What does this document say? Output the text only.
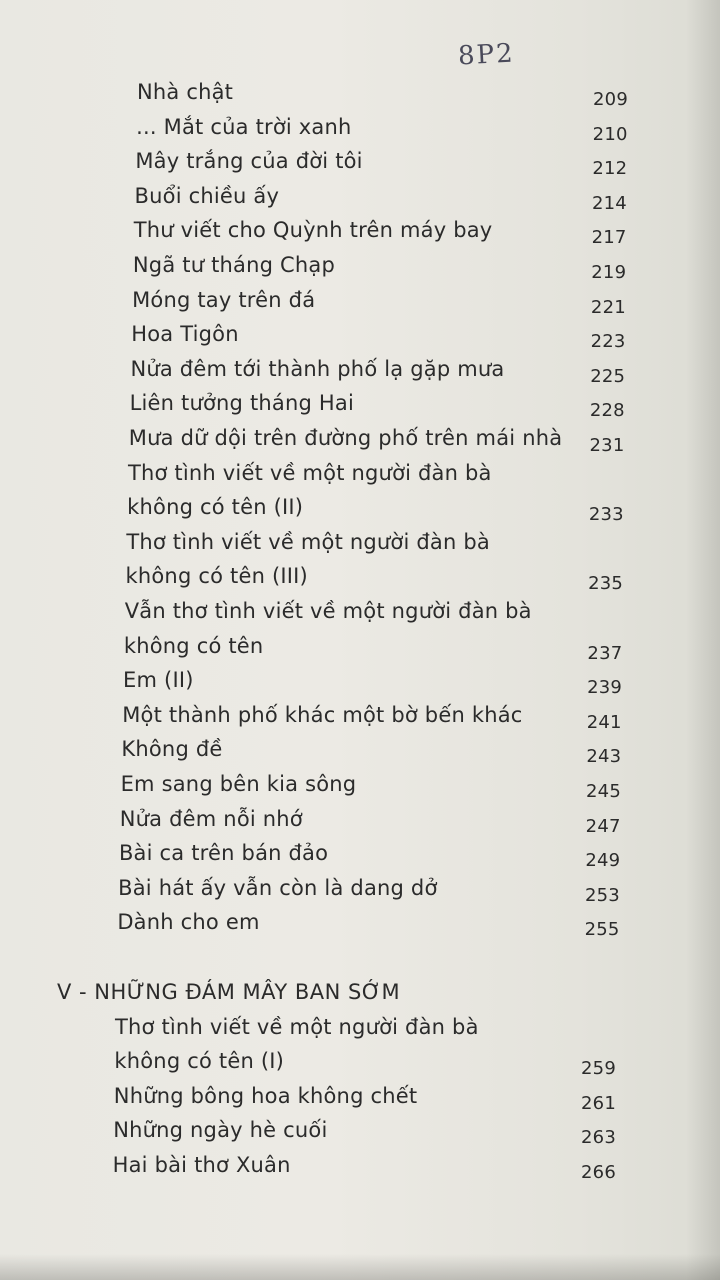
8P2
Nhà chật	209
... Mắt của trời xanh	210
Mây trắng của đời tôi	212
Buổi chiều ấy	214
Thư viết cho Quỳnh trên máy bay	217
Ngã tư tháng Chạp	219
Móng tay trên đá	221
Hoa Tigôn	223
Nửa đêm tới thành phố lạ gặp mưa	225
Liên tưởng tháng Hai	228
Mưa dữ dội trên đường phố trên mái nhà	231
Thơ tình viết về một người đàn bà
không có tên (II)	233
Thơ tình viết về một người đàn bà
không có tên (III)	235
Vẫn thơ tình viết về một người đàn bà
không có tên	237
Em (II)	239
Một thành phố khác một bờ bến khác	241
Không đề	243
Em sang bên kia sông	245
Nửa đêm nỗi nhớ	247
Bài ca trên bán đảo	249
Bài hát ấy vẫn còn là dang dở	253
Dành cho em	255
V - NHỮNG ĐÁM MÂY BAN SỚM
Thơ tình viết về một người đàn bà
không có tên (I)	259
Những bông hoa không chết	261
Những ngày hè cuối	263
Hai bài thơ Xuân	266
